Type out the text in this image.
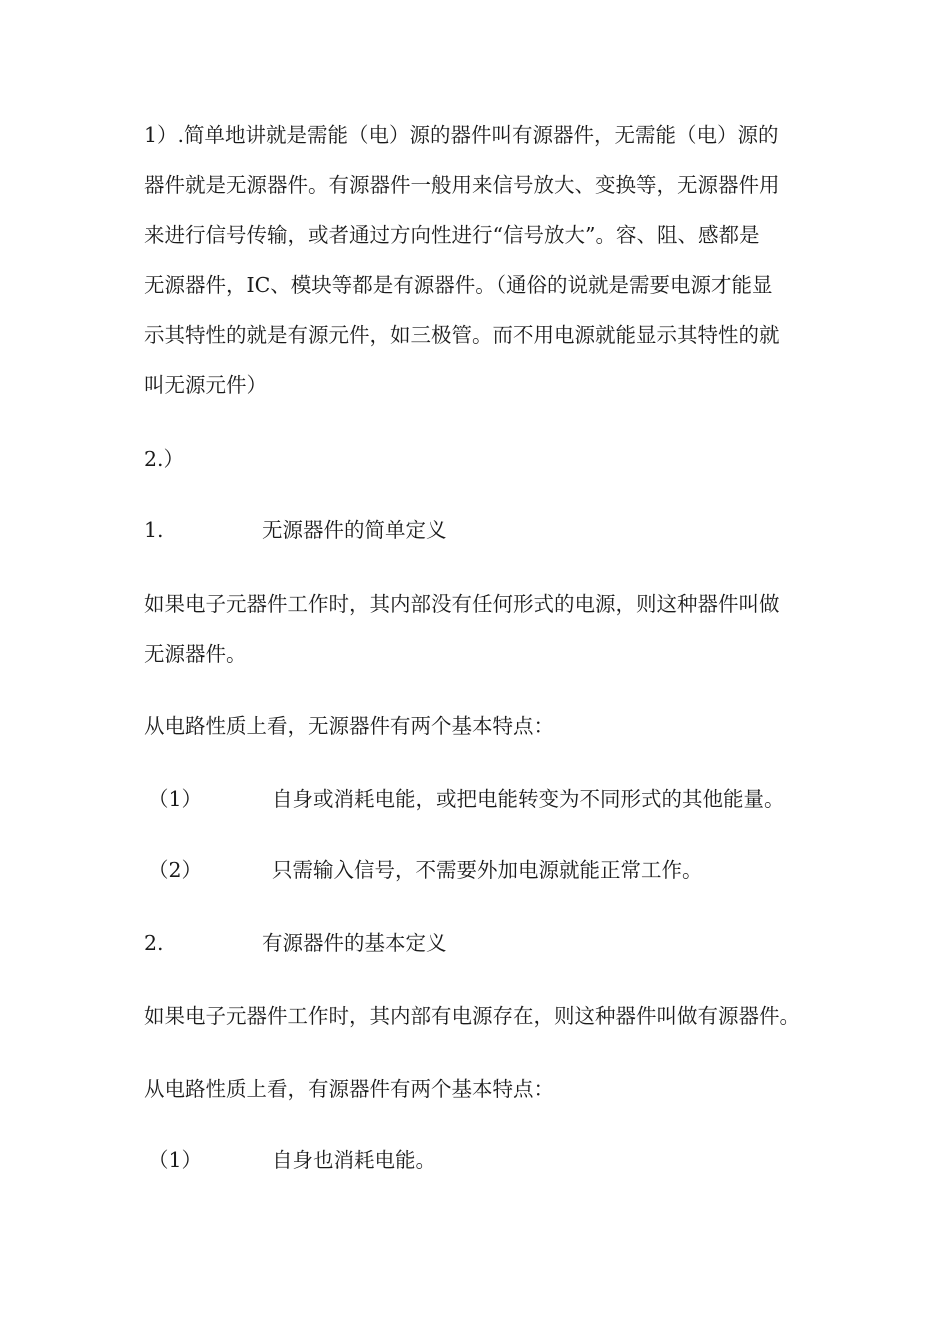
1）.简单地讲就是需能（电）源的器件叫有源器件，无需能（电）源的
器件就是无源器件。有源器件一般用来信号放大、变换等，无源器件用
来进行信号传输，或者通过方向性进行“信号放大”。容、阻、感都是
无源器件，IC、模块等都是有源器件。（通俗的说就是需要电源才能显
示其特性的就是有源元件，如三极管。而不用电源就能显示其特性的就
叫无源元件）
2.）
1.	无源器件的简单定义
如果电子元器件工作时，其内部没有任何形式的电源，则这种器件叫做
无源器件。
从电路性质上看，无源器件有两个基本特点：
（1）	自身或消耗电能，或把电能转变为不同形式的其他能量。
（2）	只需输入信号，不需要外加电源就能正常工作。
2.	有源器件的基本定义
如果电子元器件工作时，其内部有电源存在，则这种器件叫做有源器件。
从电路性质上看，有源器件有两个基本特点：
（1）	自身也消耗电能。
